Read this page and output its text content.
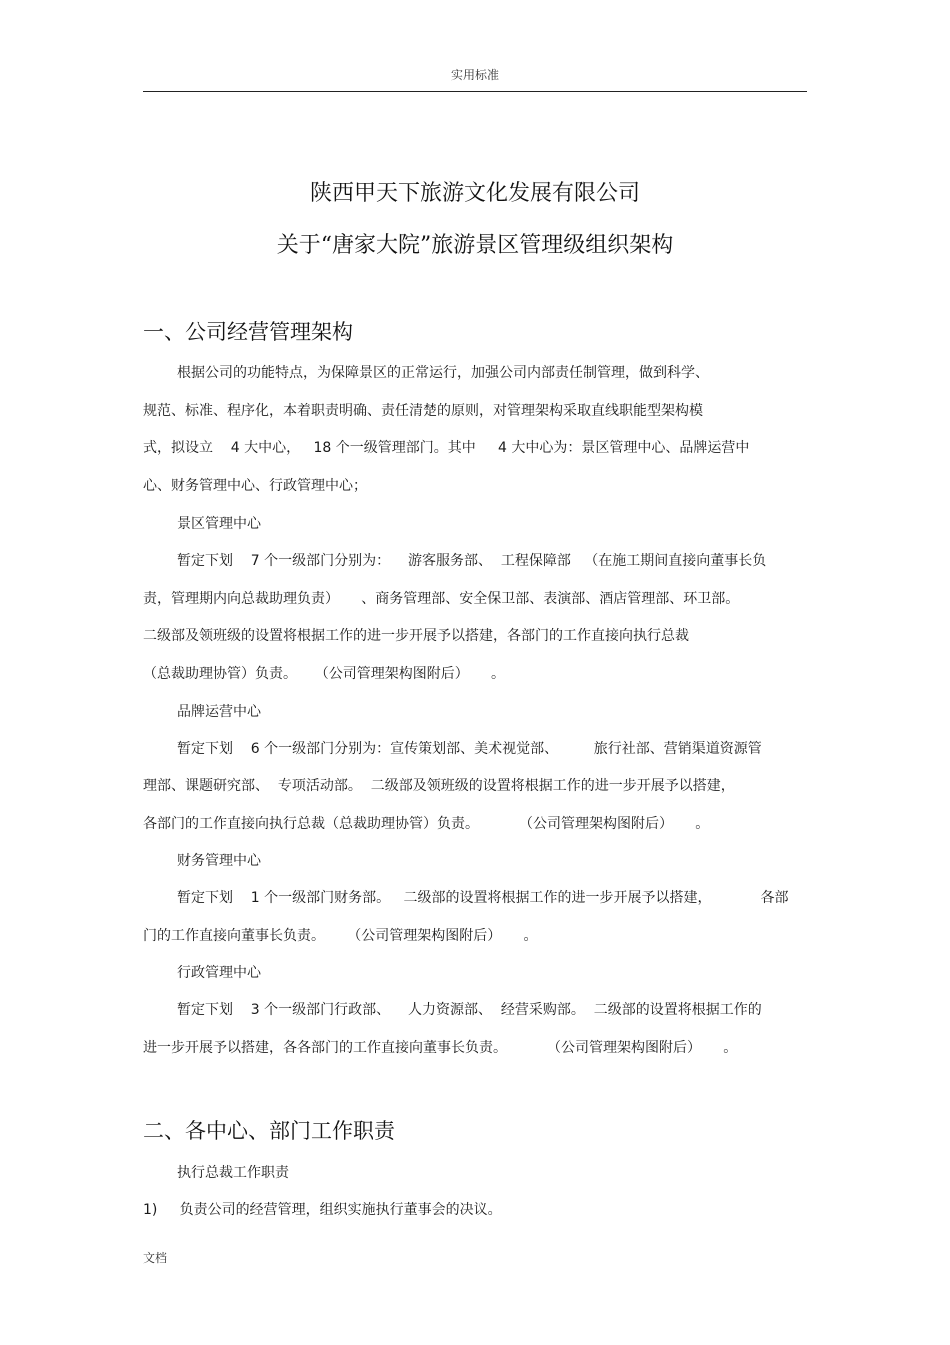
实用标准
陕西甲天下旅游文化发展有限公司
关于“唐家大院”旅游景区管理级组织架构
一、公司经营管理架构
根据公司的功能特点，为保障景区的正常运行，加强公司内部责任制管理，做到科学、
规范、标准、程序化，本着职责明确、责任清楚的原则，对管理架构采取直线职能型架构模
式，拟设立    4 大中心，   18 个一级管理部门。其中     4 大中心为：景区管理中心、品牌运营中
心、财务管理中心、行政管理中心；
景区管理中心
暂定下划    7 个一级部门分别为：    游客服务部、  工程保障部   （在施工期间直接向董事长负
责，管理期内向总裁助理负责）     、商务管理部、安全保卫部、表演部、酒店管理部、环卫部。
二级部及领班级的设置将根据工作的进一步开展予以搭建，各部门的工作直接向执行总裁
（总裁助理协管）负责。    （公司管理架构图附后）     。
品牌运营中心
暂定下划    6 个一级部门分别为：宣传策划部、美术视觉部、        旅行社部、营销渠道资源管
理部、课题研究部、  专项活动部。  二级部及领班级的设置将根据工作的进一步开展予以搭建，
各部门的工作直接向执行总裁（总裁助理协管）负责。         （公司管理架构图附后）     。
财务管理中心
暂定下划    1 个一级部门财务部。   二级部的设置将根据工作的进一步开展予以搭建，           各部
门的工作直接向董事长负责。     （公司管理架构图附后）     。
行政管理中心
暂定下划    3 个一级部门行政部、    人力资源部、  经营采购部。  二级部的设置将根据工作的
进一步开展予以搭建，各各部门的工作直接向董事长负责。         （公司管理架构图附后）     。
二、各中心、部门工作职责
执行总裁工作职责
1)     负责公司的经营管理，组织实施执行董事会的决议。
文档
